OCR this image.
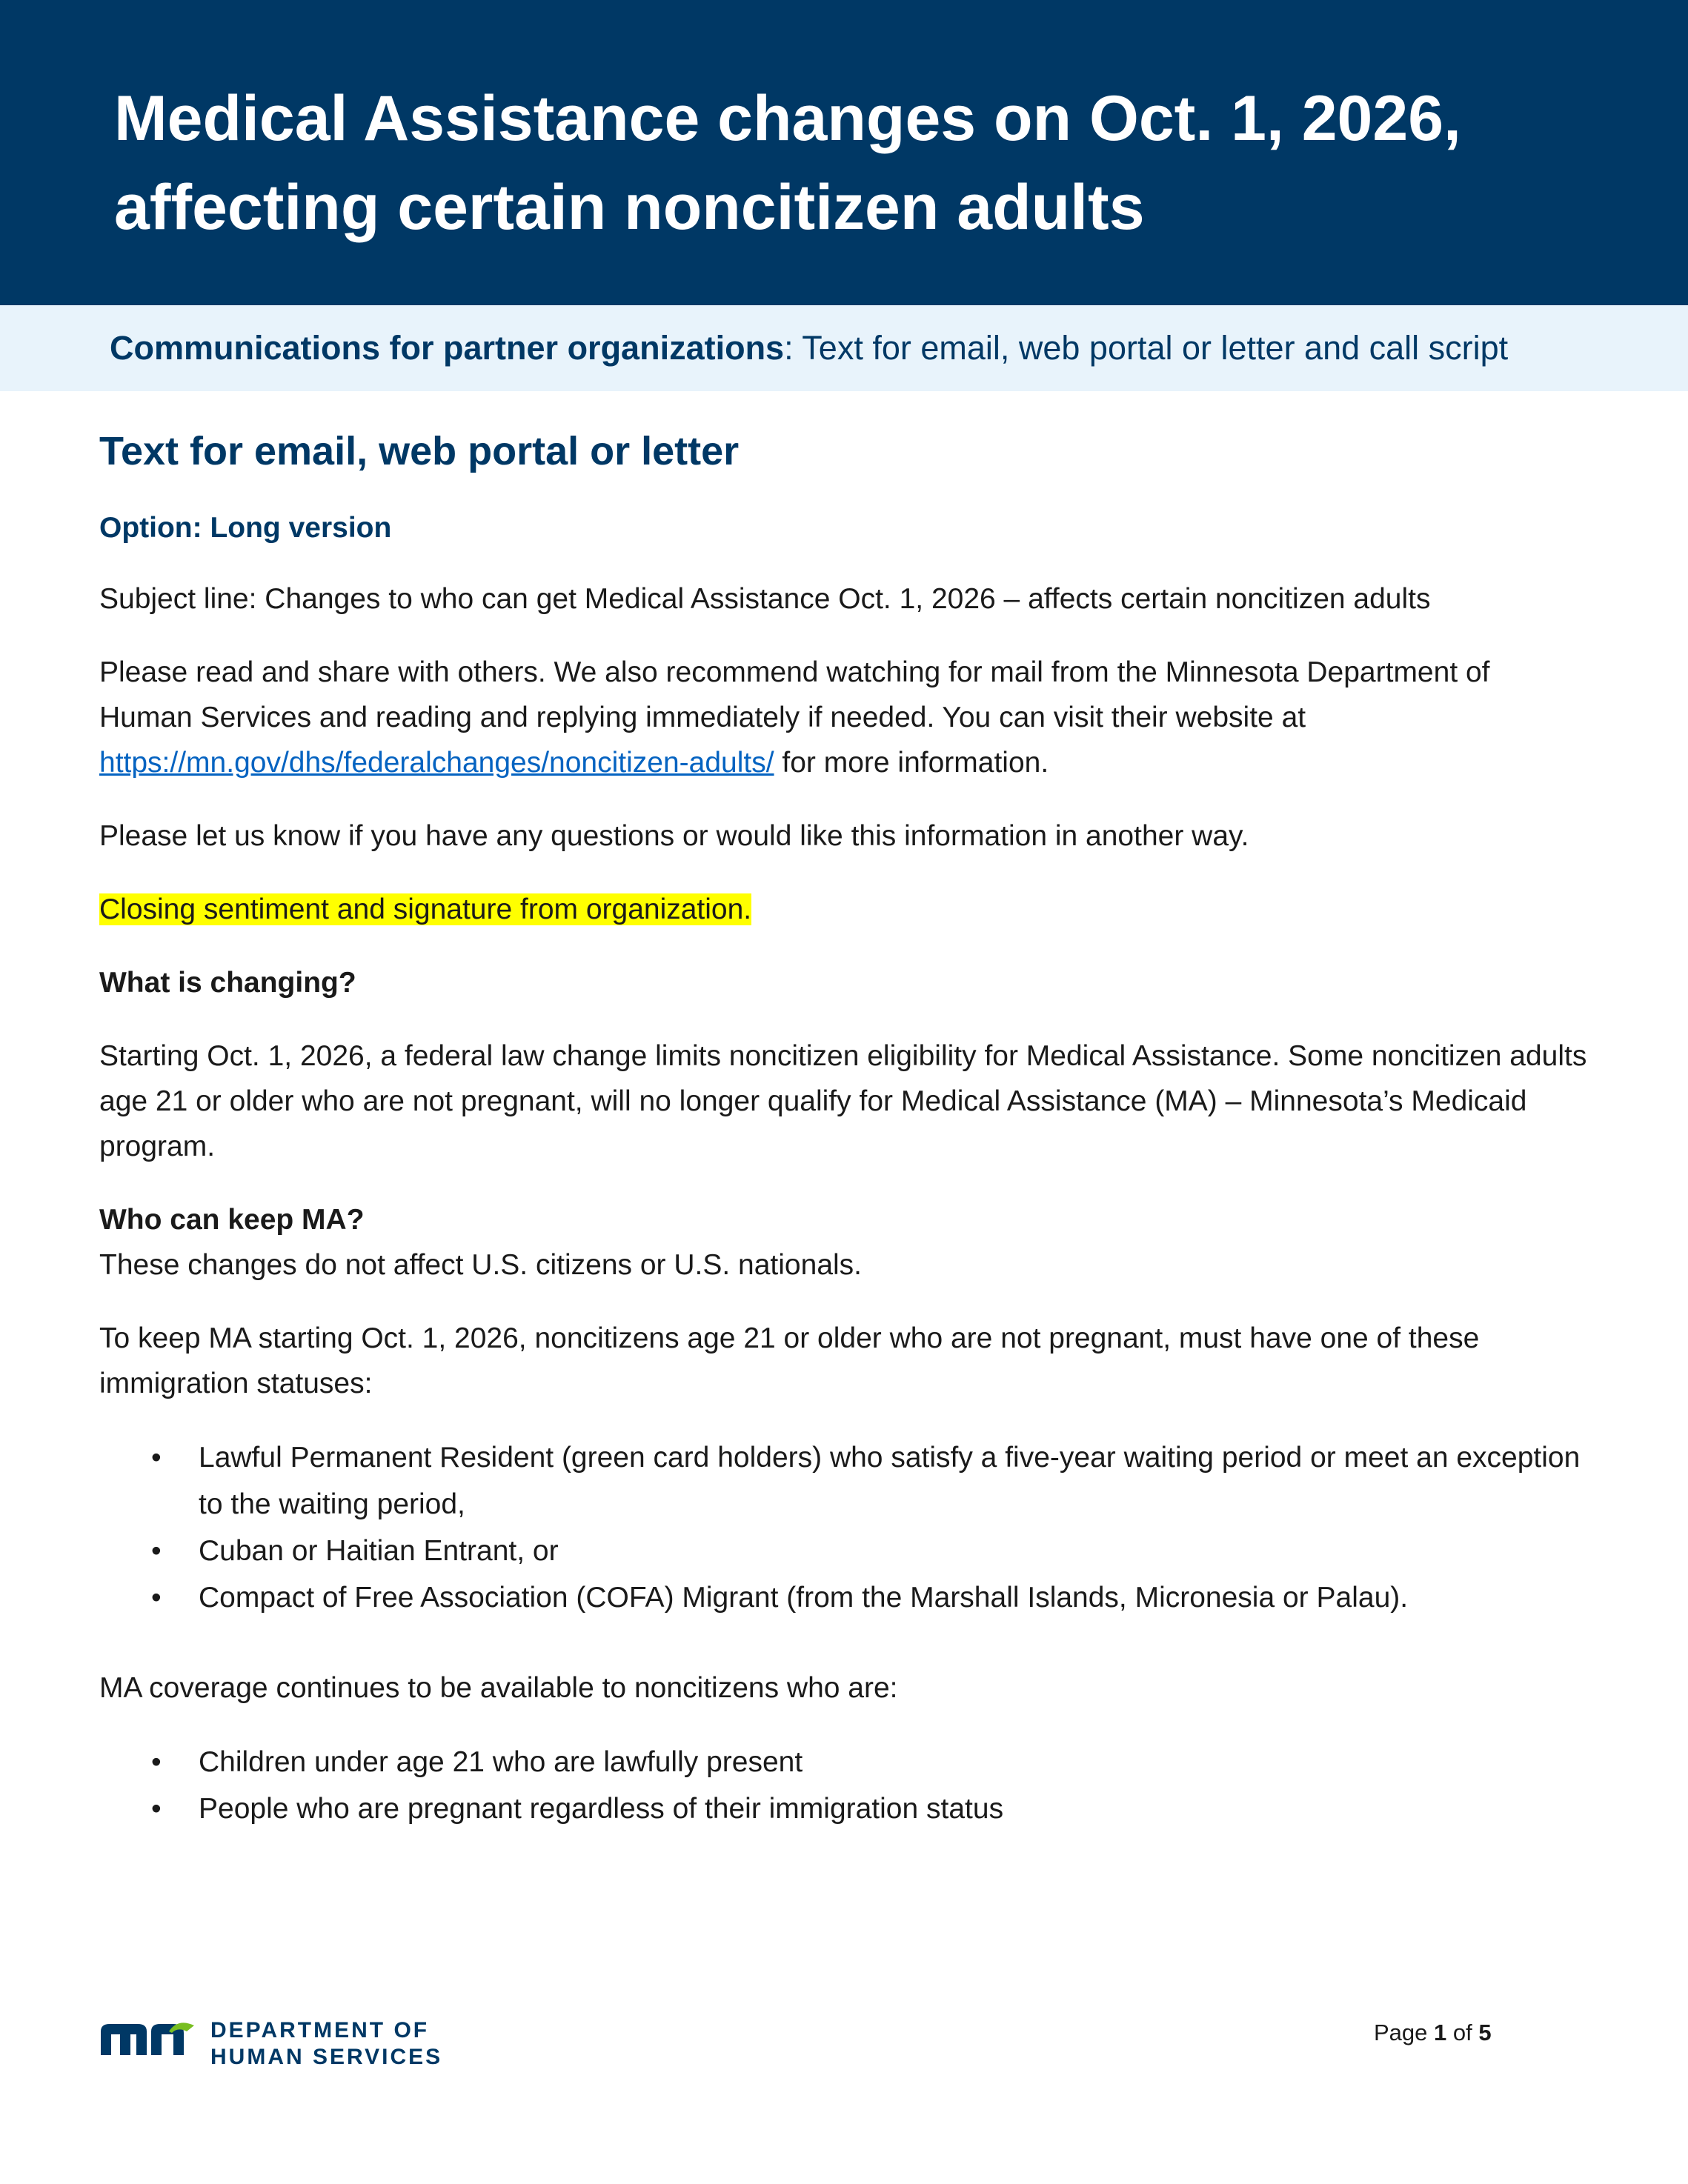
Medical Assistance changes on Oct. 1, 2026, affecting certain noncitizen adults
Communications for partner organizations: Text for email, web portal or letter and call script
Text for email, web portal or letter
Option: Long version

Subject line: Changes to who can get Medical Assistance Oct. 1, 2026 – affects certain noncitizen adults

Please read and share with others. We also recommend watching for mail from the Minnesota Department of Human Services and reading and replying immediately if needed. You can visit their website at https://mn.gov/dhs/federalchanges/noncitizen-adults/ for more information.

Please let us know if you have any questions or would like this information in another way.

Closing sentiment and signature from organization.

What is changing?

Starting Oct. 1, 2026, a federal law change limits noncitizen eligibility for Medical Assistance. Some noncitizen adults age 21 or older who are not pregnant, will no longer qualify for Medical Assistance (MA) – Minnesota’s Medicaid program.

Who can keep MA?

These changes do not affect U.S. citizens or U.S. nationals.

To keep MA starting Oct. 1, 2026, noncitizens age 21 or older who are not pregnant, must have one of these immigration statuses:

• Lawful Permanent Resident (green card holders) who satisfy a five-year waiting period or meet an exception to the waiting period,
• Cuban or Haitian Entrant, or
• Compact of Free Association (COFA) Migrant (from the Marshall Islands, Micronesia or Palau).

MA coverage continues to be available to noncitizens who are:

• Children under age 21 who are lawfully present
• People who are pregnant regardless of their immigration status
DEPARTMENT OF
HUMAN SERVICES
Page 1 of 5
